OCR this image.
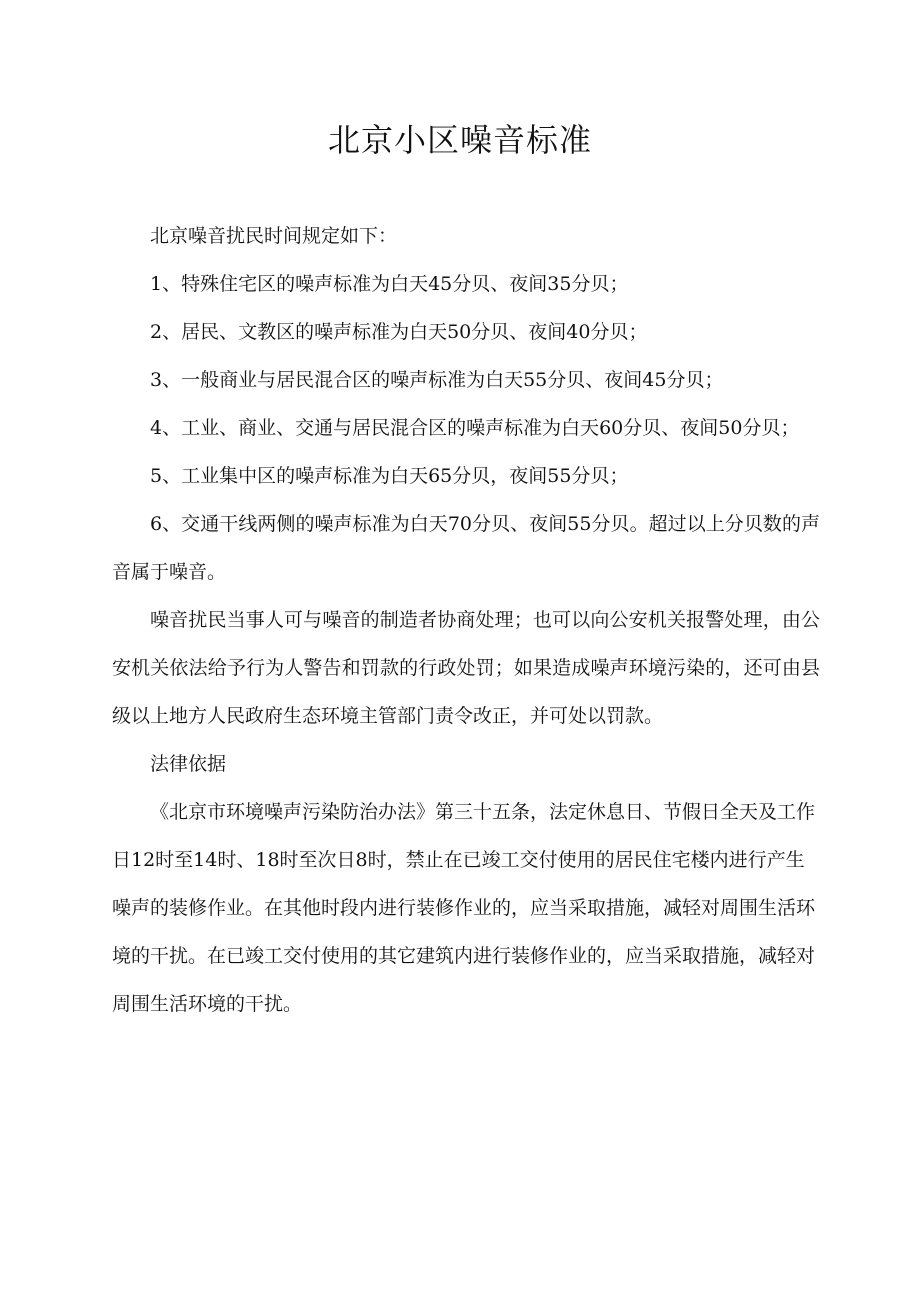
北京小区噪音标准

北京噪音扰民时间规定如下：

1、特殊住宅区的噪声标准为白天45分贝、夜间35分贝；

2、居民、文教区的噪声标准为白天50分贝、夜间40分贝；

3、一般商业与居民混合区的噪声标准为白天55分贝、夜间45分贝；

4、工业、商业、交通与居民混合区的噪声标准为白天60分贝、夜间50分贝；

5、工业集中区的噪声标准为白天65分贝，夜间55分贝；

6、交通干线两侧的噪声标准为白天70分贝、夜间55分贝。超过以上分贝数的声音属于噪音。

噪音扰民当事人可与噪音的制造者协商处理；也可以向公安机关报警处理，由公安机关依法给予行为人警告和罚款的行政处罚；如果造成噪声环境污染的，还可由县级以上地方人民政府生态环境主管部门责令改正，并可处以罚款。

法律依据

《北京市环境噪声污染防治办法》第三十五条，法定休息日、节假日全天及工作日12时至14时、18时至次日8时，禁止在已竣工交付使用的居民住宅楼内进行产生噪声的装修作业。在其他时段内进行装修作业的，应当采取措施，减轻对周围生活环境的干扰。在已竣工交付使用的其它建筑内进行装修作业的，应当采取措施，减轻对周围生活环境的干扰。
